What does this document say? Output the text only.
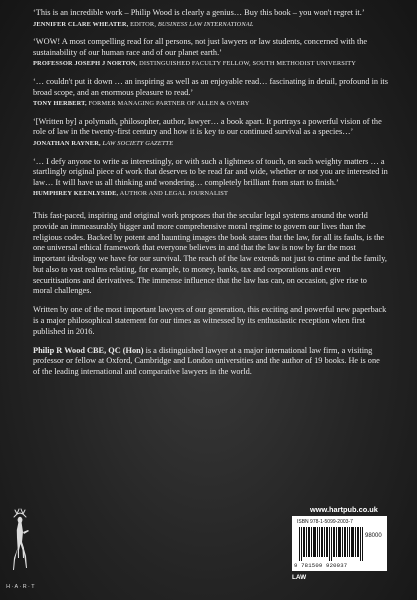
‘This is an incredible work – Philip Wood is clearly a genius… Buy this book – you won't regret it.’

JENNIFER CLARE WHEATER, EDITOR, BUSINESS LAW INTERNATIONAL

‘WOW! A most compelling read for all persons, not just lawyers or law students, concerned with the sustainability of our human race and of our planet earth.’

PROFESSOR JOSEPH J NORTON, DISTINGUISHED FACULTY FELLOW, SOUTH METHODIST UNIVERSITY

‘… couldn't put it down … an inspiring as well as an enjoyable read… fascinating in detail, profound in its broad scope, and an enormous pleasure to read.’

TONY HERBERT, FORMER MANAGING PARTNER OF ALLEN & OVERY

‘[Written by] a polymath, philosopher, author, lawyer… a book apart. It portrays a powerful vision of the role of law in the twenty-first century and how it is key to our continued survival as a species…’

JONATHAN RAYNER, LAW SOCIETY GAZETTE

‘… I defy anyone to write as interestingly, or with such a lightness of touch, on such weighty matters … a startlingly original piece of work that deserves to be read far and wide, whether or not you are interested in law… It will have us all thinking and wondering… completely brilliant from start to finish.’

HUMPHREY KEENLYSIDE, AUTHOR AND LEGAL JOURNALIST

This fast-paced, inspiring and original work proposes that the secular legal systems around the world provide an immeasurably bigger and more comprehensive moral regime to govern our lives than the religious codes. Backed by potent and haunting images the book states that the law, for all its faults, is the one universal ethical framework that everyone believes in and that the law is now by far the most important ideology we have for our survival. The reach of the law extends not just to crime and the family, but also to vast realms relating, for example, to money, banks, tax and corporations and even securitisations and derivatives. The immense influence that the law has can, on occasion, give rise to moral challenges.

Written by one of the most important lawyers of our generation, this exciting and powerful new paperback is a major philosophical statement for our times as witnessed by its enthusiastic reception when first published in 2016.

Philip R Wood CBE, QC (Hon) is a distinguished lawyer at a major international law firm, a visiting professor or fellow at Oxford, Cambridge and London universities and the author of 19 books. He is one of the leading international and comparative lawyers in the world.

H·A·R·T
www.hartpub.co.uk
ISBN 978-1-5099-2003-7
98000
9 781509 920037
LAW
